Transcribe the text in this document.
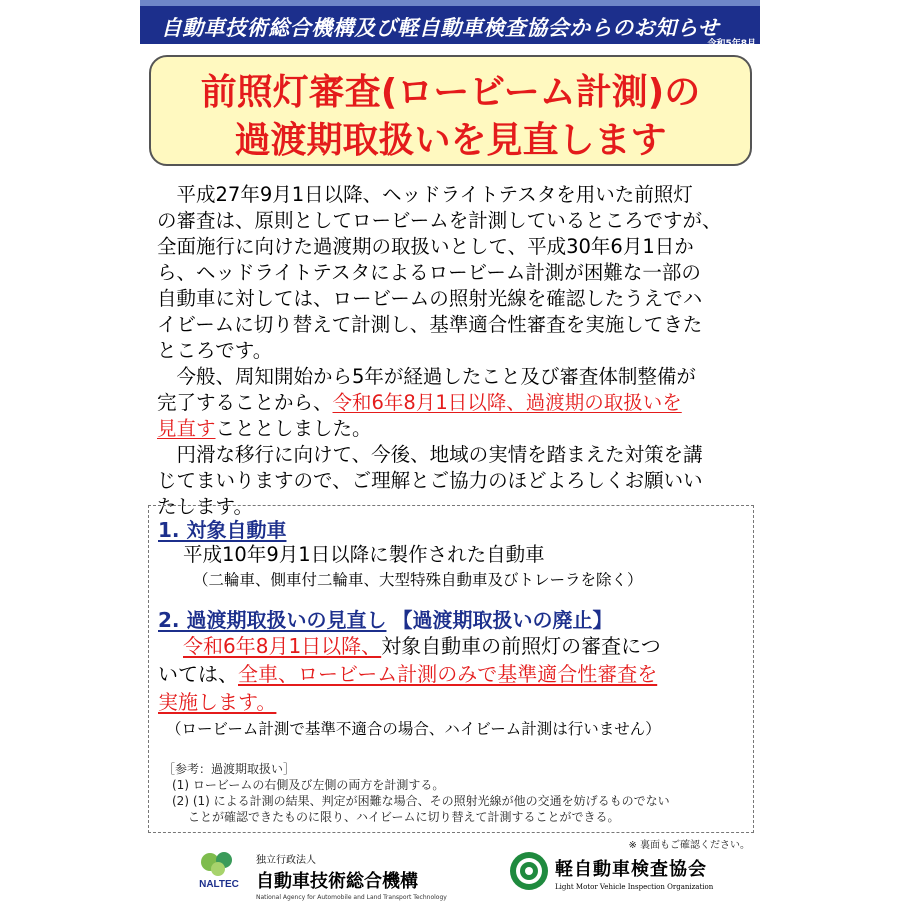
自動車技術総合機構及び軽自動車検査協会からのお知らせ
令和5年8月
前照灯審査(ロービーム計測)の
過渡期取扱いを見直します
　平成27年9月1日以降、ヘッドライトテスタを用いた前照灯
の審査は、原則としてロービームを計測しているところですが、
全面施行に向けた過渡期の取扱いとして、平成30年6月1日か
ら、ヘッドライトテスタによるロービーム計測が困難な一部の
自動車に対しては、ロービームの照射光線を確認したうえでハ
イビームに切り替えて計測し、基準適合性審査を実施してきた
ところです。
　今般、周知開始から5年が経過したこと及び審査体制整備が
完了することから、令和6年8月1日以降、過渡期の取扱いを
見直すこととしました。
　円滑な移行に向けて、今後、地域の実情を踏まえた対策を講
じてまいりますので、ご理解とご協力のほどよろしくお願いい
たします。
1. 対象自動車
平成10年9月1日以降に製作された自動車
（二輪車、側車付二輪車、大型特殊自動車及びトレーラを除く）
2. 過渡期取扱いの見直し 【過渡期取扱いの廃止】
令和6年8月1日以降、対象自動車の前照灯の審査につ
いては、全車、ロービーム計測のみで基準適合性審査を
実施します。
（ロービーム計測で基準不適合の場合、ハイビーム計測は行いません）
［参考：過渡期取扱い］
(1) ロービームの右側及び左側の両方を計測する。
(2) (1) による計測の結果、判定が困難な場合、その照射光線が他の交通を妨げるものでない
ことが確認できたものに限り、ハイビームに切り替えて計測することができる。
※ 裏面もご確認ください。
NALTEC
独立行政法人
自動車技術総合機構
National Agency for Automobile and Land Transport Technology
軽自動車検査協会
Light Motor Vehicle Inspection Organization
